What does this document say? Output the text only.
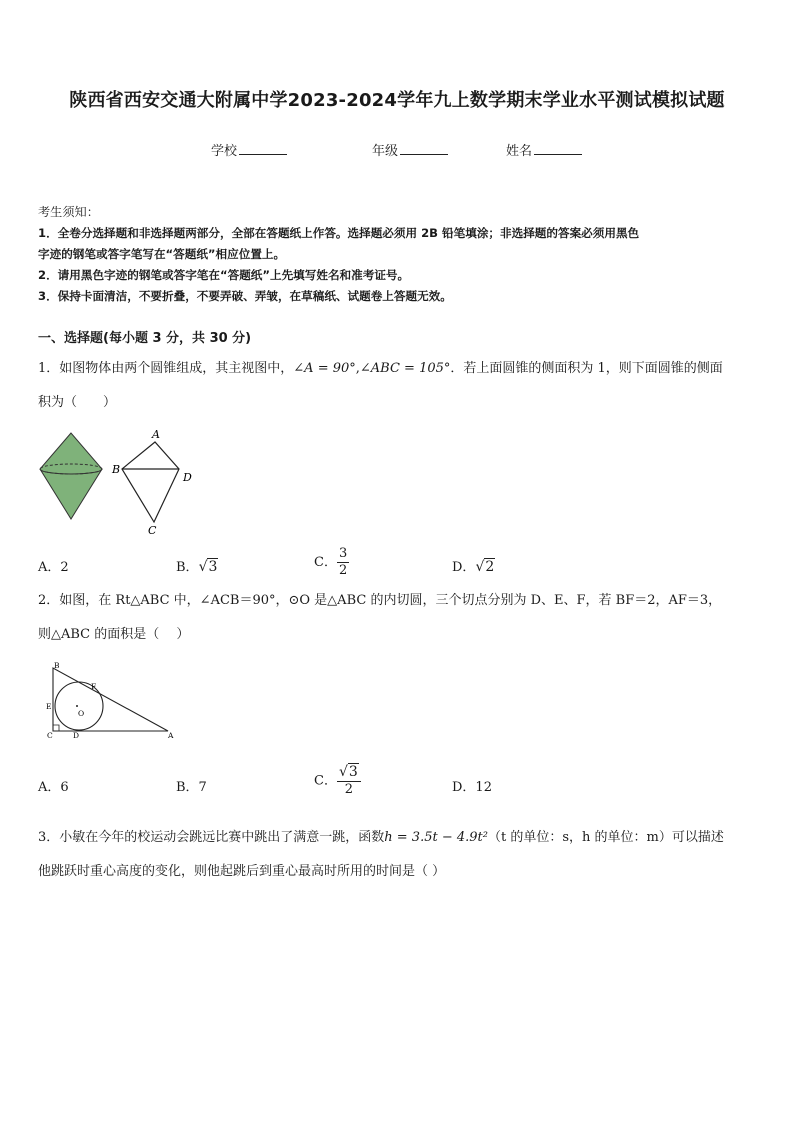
陕西省西安交通大附属中学2023-2024学年九上数学期末学业水平测试模拟试题
学校	年级	姓名
考生须知：
1．全卷分选择题和非选择题两部分，全部在答题纸上作答。选择题必须用 2B 铅笔填涂；非选择题的答案必须用黑色
字迹的钢笔或答字笔写在“答题纸”相应位置上。
2．请用黑色字迹的钢笔或答字笔在“答题纸”上先填写姓名和准考证号。
3．保持卡面清洁，不要折叠，不要弄破、弄皱，在草稿纸、试题卷上答题无效。
一、选择题(每小题 3 分，共 30 分)
1．如图物体由两个圆锥组成，其主视图中，∠A = 90°,∠ABC = 105°．若上面圆锥的侧面积为 1，则下面圆锥的侧面
积为（　　）
A
B
D
C
A．2	B．√3	C． $\frac{3}{2}$	D．√2
2．如图，在 Rt△ABC 中，∠ACB＝90°，⊙O 是△ABC 的内切圆，三个切点分别为 D、E、F，若 BF＝2，AF＝3，
则△ABC 的面积是（　 ）
B
F
E
O
C	D	A
A．6	B．7	C． $\frac{√3}{2}$	D．12
3．小敏在今年的校运动会跳远比赛中跳出了满意一跳，函数h = 3.5t − 4.9t²（t 的单位：s，h 的单位：m）可以描述
他跳跃时重心高度的变化，则他起跳后到重心最高时所用的时间是（ ）
